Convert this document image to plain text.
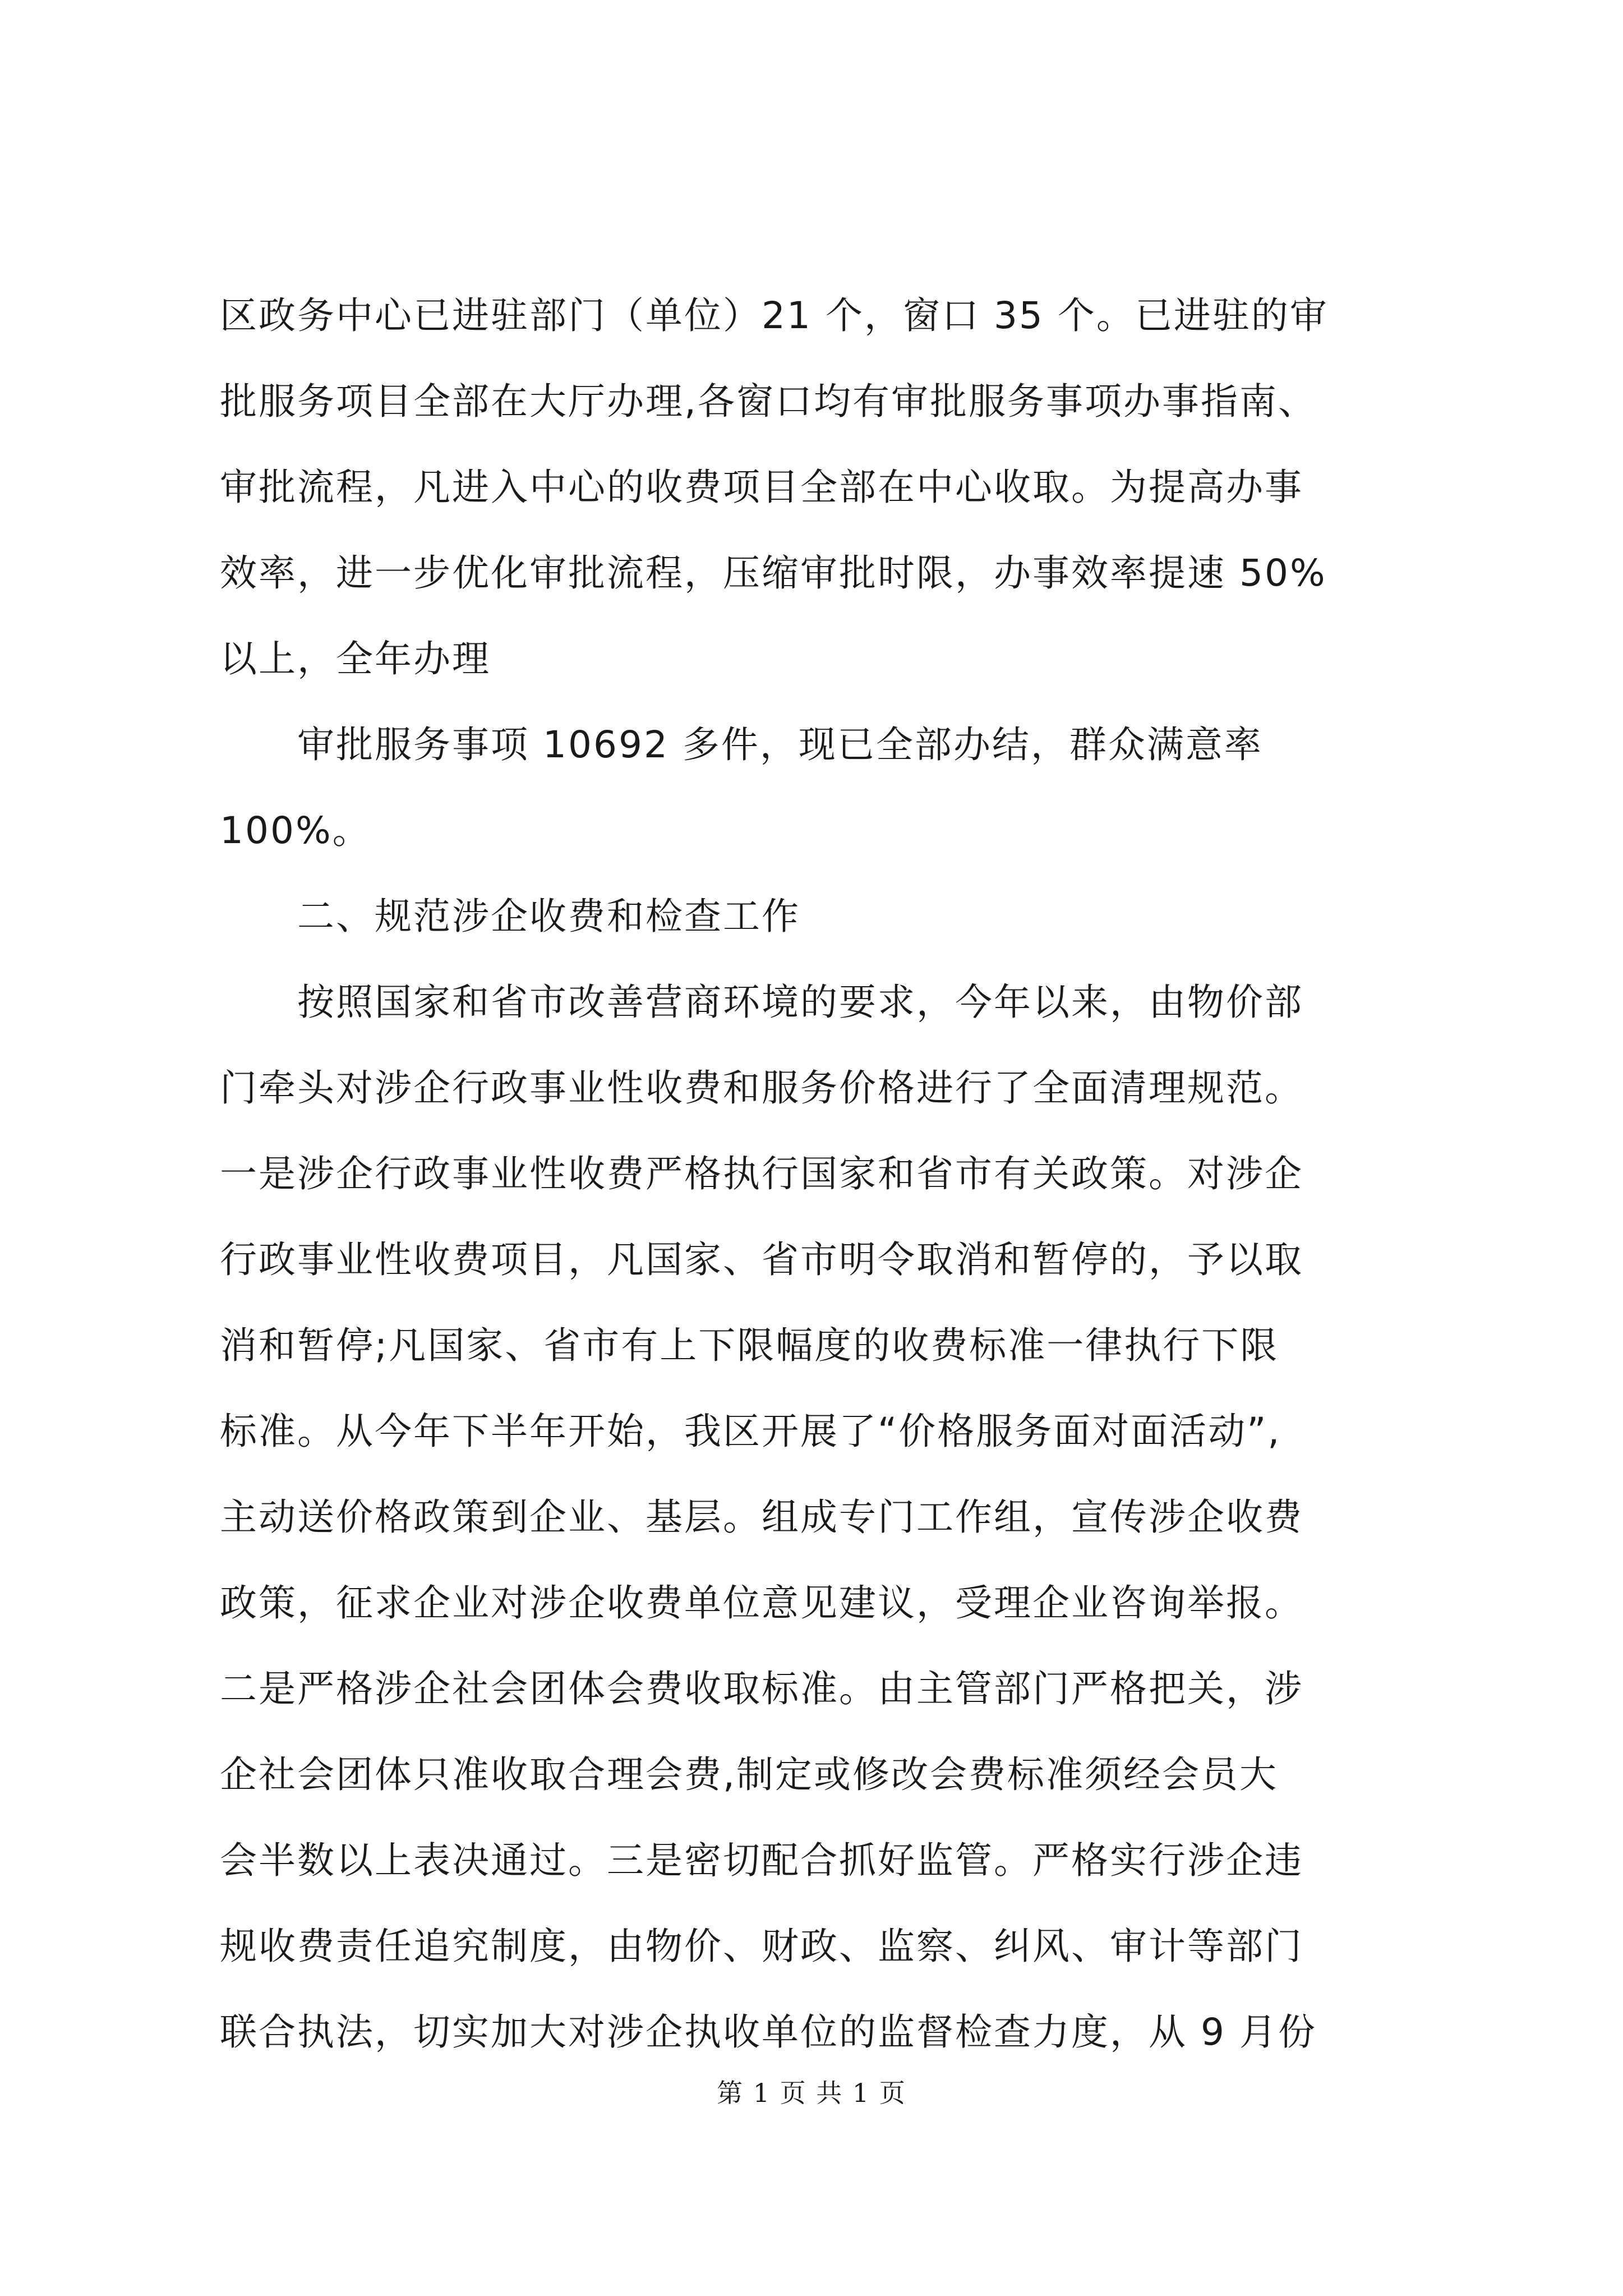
区政务中心已进驻部门（单位）21 个，窗口 35 个。已进驻的审
批服务项目全部在大厅办理,各窗口均有审批服务事项办事指南、
审批流程，凡进入中心的收费项目全部在中心收取。为提高办事
效率，进一步优化审批流程，压缩审批时限，办事效率提速 50%
以上，全年办理
　　审批服务事项 10692 多件，现已全部办结，群众满意率
100%。
　　二、规范涉企收费和检查工作
　　按照国家和省市改善营商环境的要求，今年以来，由物价部
门牵头对涉企行政事业性收费和服务价格进行了全面清理规范。
一是涉企行政事业性收费严格执行国家和省市有关政策。对涉企
行政事业性收费项目，凡国家、省市明令取消和暂停的，予以取
消和暂停;凡国家、省市有上下限幅度的收费标准一律执行下限
标准。从今年下半年开始，我区开展了“价格服务面对面活动”,
主动送价格政策到企业、基层。组成专门工作组，宣传涉企收费
政策，征求企业对涉企收费单位意见建议，受理企业咨询举报。
二是严格涉企社会团体会费收取标准。由主管部门严格把关，涉
企社会团体只准收取合理会费,制定或修改会费标准须经会员大
会半数以上表决通过。三是密切配合抓好监管。严格实行涉企违
规收费责任追究制度，由物价、财政、监察、纠风、审计等部门
联合执法，切实加大对涉企执收单位的监督检查力度，从 9 月份
第 1 页 共 1 页
